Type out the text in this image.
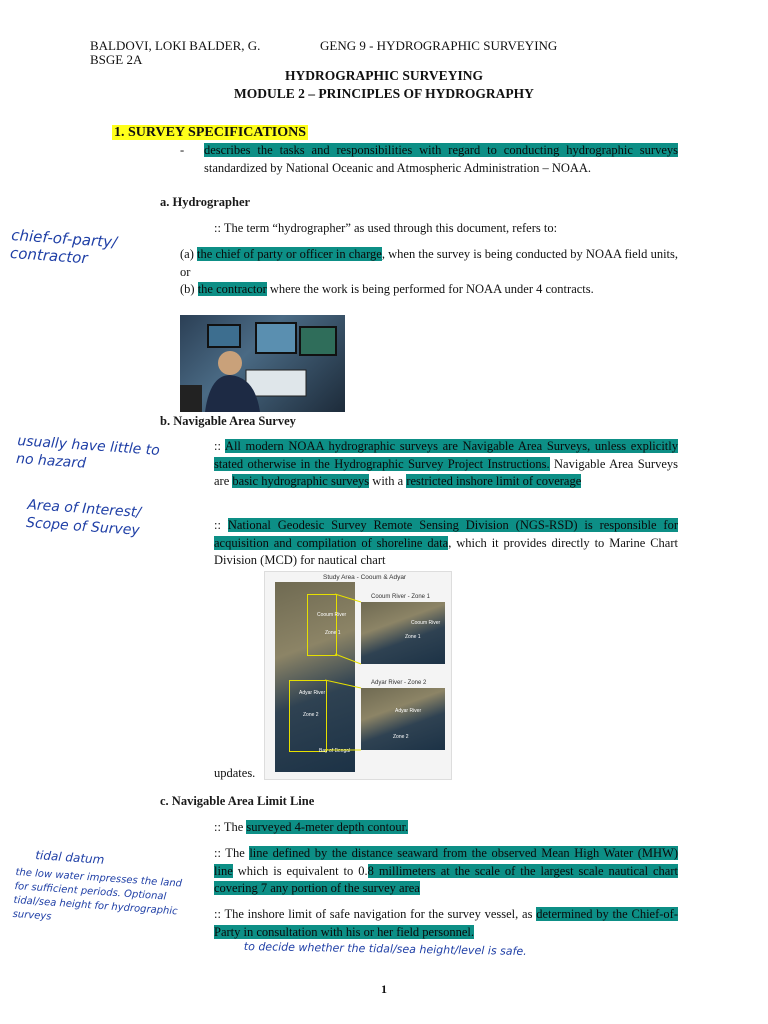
BALDOVI, LOKI BALDER, G.	GENG 9 - HYDROGRAPHIC SURVEYING
BSGE 2A
HYDROGRAPHIC SURVEYING
MODULE 2 – PRINCIPLES OF HYDROGRAPHY
1. SURVEY SPECIFICATIONS
- describes the tasks and responsibilities with regard to conducting hydrographic surveys standardized by National Oceanic and Atmospheric Administration – NOAA.
a. Hydrographer
:: The term “hydrographer” as used through this document, refers to:
(a) the chief of party or officer in charge, when the survey is being conducted by NOAA field units, or
(b) the contractor where the work is being performed for NOAA under 4 contracts.
b. Navigable Area Survey
:: All modern NOAA hydrographic surveys are Navigable Area Surveys, unless explicitly stated otherwise in the Hydrographic Survey Project Instructions. Navigable Area Surveys are basic hydrographic surveys with a restricted inshore limit of coverage
:: National Geodesic Survey Remote Sensing Division (NGS-RSD) is responsible for acquisition and compilation of shoreline data, which it provides directly to Marine Chart Division (MCD) for nautical chart
Study Area - Cooum & Adyar
Cooum River
Zone 1
Adyar River
Zone 2
Bay of Bengal
Cooum River - Zone 1
Cooum River
Zone 1
Adyar River - Zone 2
Adyar River
Zone 2
updates.
c. Navigable Area Limit Line
:: The surveyed 4-meter depth contour.
:: The line defined by the distance seaward from the observed Mean High Water (MHW) line which is equivalent to 0.8 millimeters at the scale of the largest scale nautical chart covering 7 any portion of the survey area
:: The inshore limit of safe navigation for the survey vessel, as determined by the Chief-of-Party in consultation with his or her field personnel.
chief-of-party/ contractor
usually have little to no hazard
Area of Interest/ Scope of Survey
tidal datum
the low water impresses the land for sufficient periods. Optional tidal/sea height for hydrographic surveys
to decide whether the tidal/sea height/level is safe.
1
